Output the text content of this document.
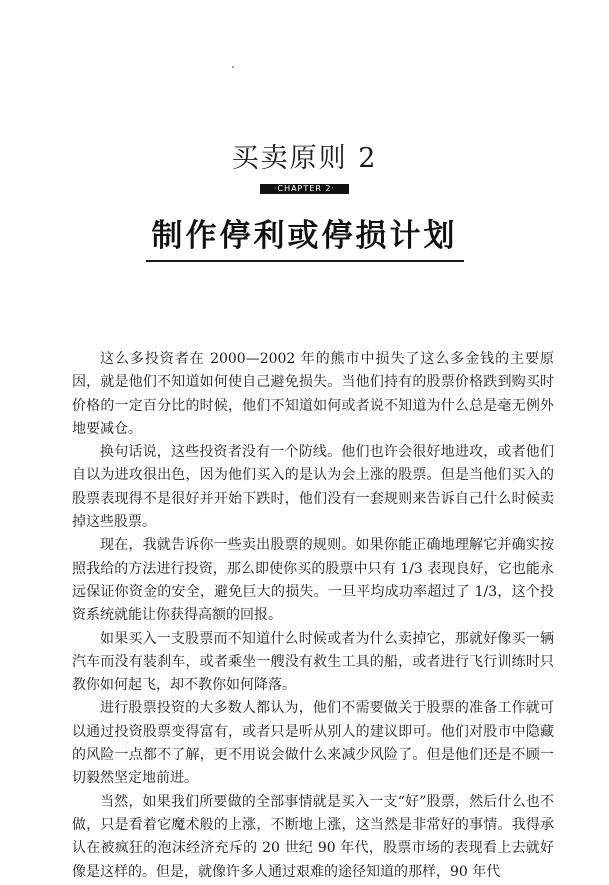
买卖原则 2
·CHAPTER 2·
制作停利或停损计划

这么多投资者在 2000—2002 年的熊市中损失了这么多金钱的主要原因，就是他们不知道如何使自己避免损失。当他们持有的股票价格跌到购买时价格的一定百分比的时候，他们不知道如何或者说不知道为什么总是毫无例外地要减仓。

换句话说，这些投资者没有一个防线。他们也许会很好地进攻，或者他们自以为进攻很出色，因为他们买入的是认为会上涨的股票。但是当他们买入的股票表现得不是很好并开始下跌时，他们没有一套规则来告诉自己什么时候卖掉这些股票。

现在，我就告诉你一些卖出股票的规则。如果你能正确地理解它并确实按照我给的方法进行投资，那么即使你买的股票中只有 1/3 表现良好，它也能永远保证你资金的安全，避免巨大的损失。一旦平均成功率超过了 1/3，这个投资系统就能让你获得高额的回报。

如果买入一支股票而不知道什么时候或者为什么卖掉它，那就好像买一辆汽车而没有装刹车，或者乘坐一艘没有救生工具的船，或者进行飞行训练时只教你如何起飞，却不教你如何降落。

进行股票投资的大多数人都认为，他们不需要做关于股票的准备工作就可以通过投资股票变得富有，或者只是听从别人的建议即可。他们对股市中隐藏的风险一点都不了解，更不用说会做什么来减少风险了。但是他们还是不顾一切毅然坚定地前进。

当然，如果我们所要做的全部事情就是买入一支“好”股票，然后什么也不做，只是看着它魔术般的上涨，不断地上涨，这当然是非常好的事情。我得承认在被疯狂的泡沫经济充斥的 20 世纪 90 年代，股票市场的表现看上去就好像是这样的。但是，就像许多人通过艰难的途径知道的那样，90 年代
